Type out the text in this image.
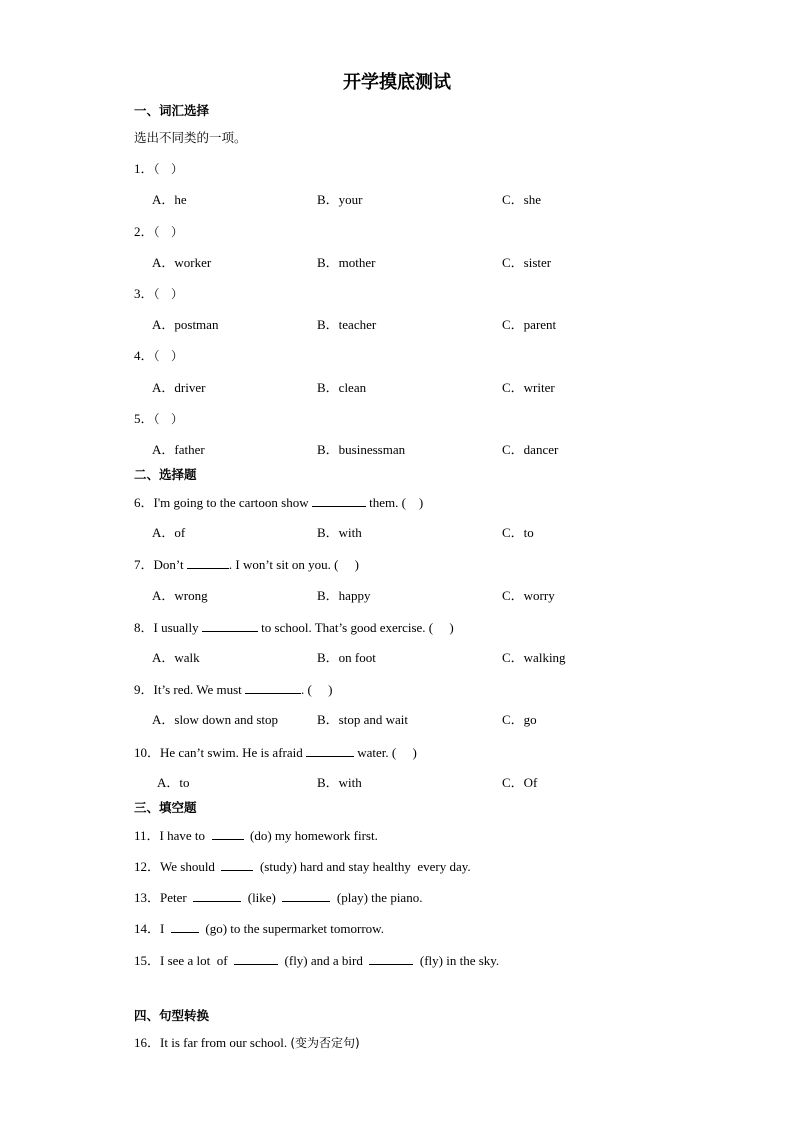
开学摸底测试
一、词汇选择
选出不同类的一项。
1．（   ）
A．he	B．your	C．she
2．（   ）
A．worker	B．mother	C．sister
3．（   ）
A．postman	B．teacher	C．parent
4．（   ）
A．driver	B．clean	C．writer
5．（   ）
A．father	B．businessman	C．dancer
二、选择题
6．I'm going to the cartoon show	them. (    )
A．of	B．with	C．to
7．Don’t	. I won’t sit on you. (     )
A．wrong	B．happy	C．worry
8．I usually	to school. That’s good exercise. (     )
A．walk	B．on foot	C．walking
9．It’s red. We must	. (     )
A．slow down and stop	B．stop and wait	C．go
10．He can’t swim. He is afraid	water. (     )
A．to	B．with	C．Of
三、填空题
11．I have to    (do) my homework first.
12．We should    (study) hard and stay healthy  every day.
13．Peter	(like)	(play) the piano.
14．I    (go) to the supermarket tomorrow.
15．I see a lot  of	(fly) and a bird	(fly) in the sky.
四、句型转换
16．It is far from our school. (变为否定句)
